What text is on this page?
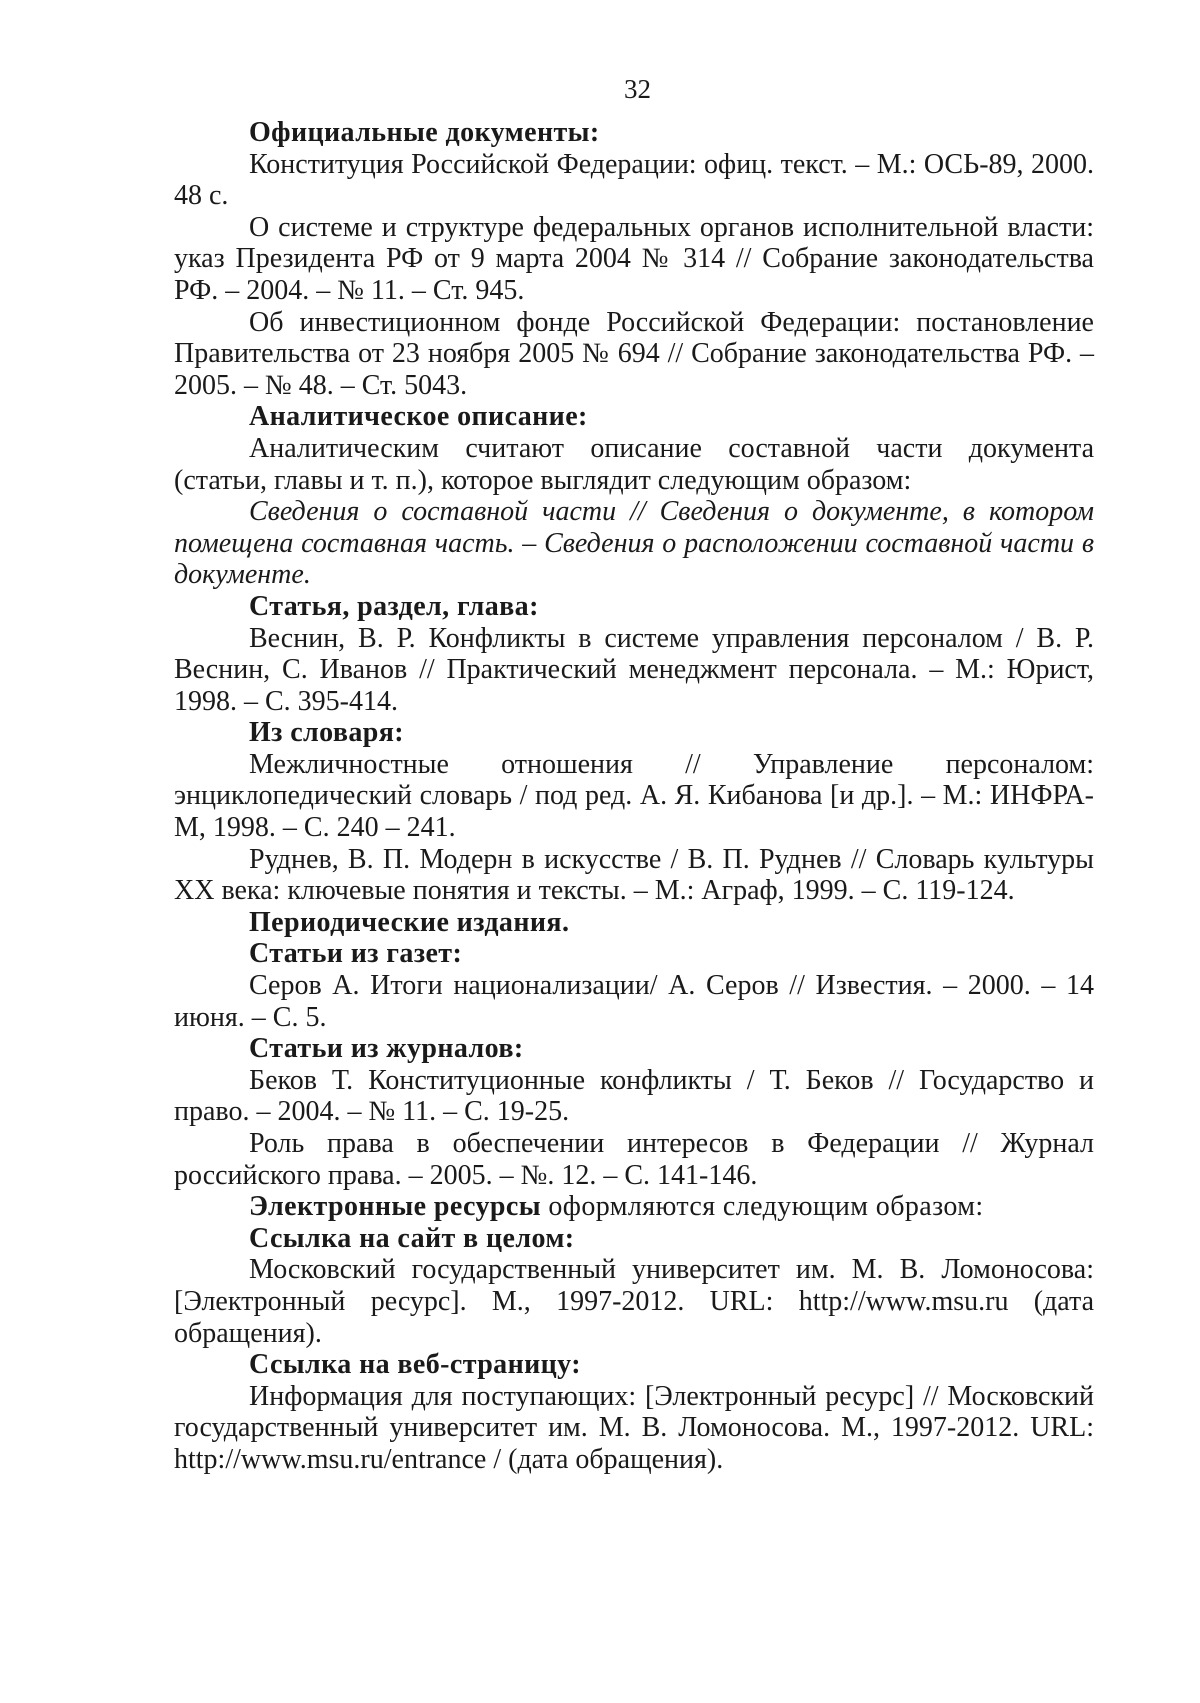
32
Официальные документы:

Конституция Российской Федерации: офиц. текст. – М.: ОСЬ-89, 2000. 48 с.

О системе и структуре федеральных органов исполнительной власти: указ Президента РФ от 9 марта 2004 № 314 // Собрание законодательства РФ. – 2004. – № 11. – Ст. 945.

Об инвестиционном фонде Российской Федерации: постановление Правительства от 23 ноября 2005 № 694 // Собрание законодательства РФ. – 2005. – № 48. – Ст. 5043.

Аналитическое описание:

Аналитическим считают описание составной части документа (статьи, главы и т. п.), которое выглядит следующим образом:

Сведения о составной части // Сведения о документе, в котором помещена составная часть. – Сведения о расположении составной части в документе.

Статья, раздел, глава:

Веснин, В. Р. Конфликты в системе управления персоналом / В. Р. Веснин, С. Иванов // Практический менеджмент персонала. – М.: Юрист, 1998. – С. 395-414.

Из словаря:

Межличностные отношения // Управление персоналом: энциклопедический словарь / под ред. А. Я. Кибанова [и др.]. – М.: ИНФРА-М, 1998. – С. 240 – 241.

Руднев, В. П. Модерн в искусстве / В. П. Руднев // Словарь культуры XX века: ключевые понятия и тексты. – М.: Аграф, 1999. – С. 119-124.

Периодические издания.
Статьи из газет:

Серов А. Итоги национализации/ А. Серов // Известия. – 2000. – 14 июня. – С. 5.

Статьи из журналов:

Беков Т. Конституционные конфликты / Т. Беков // Государство и право. – 2004. – № 11. – С. 19-25.

Роль права в обеспечении интересов в Федерации // Журнал российского права. – 2005. – №. 12. – С. 141-146.

Электронные ресурсы оформляются следующим образом:
Ссылка на сайт в целом:

Московский государственный университет им. М. В. Ломоносова: [Электронный ресурс]. М., 1997-2012. URL: http://www.msu.ru (дата обращения).

Ссылка на веб-страницу:

Информация для поступающих: [Электронный ресурс] // Московский государственный университет им. М. В. Ломоносова. М., 1997-2012. URL: http://www.msu.ru/entrance / (дата обращения).
